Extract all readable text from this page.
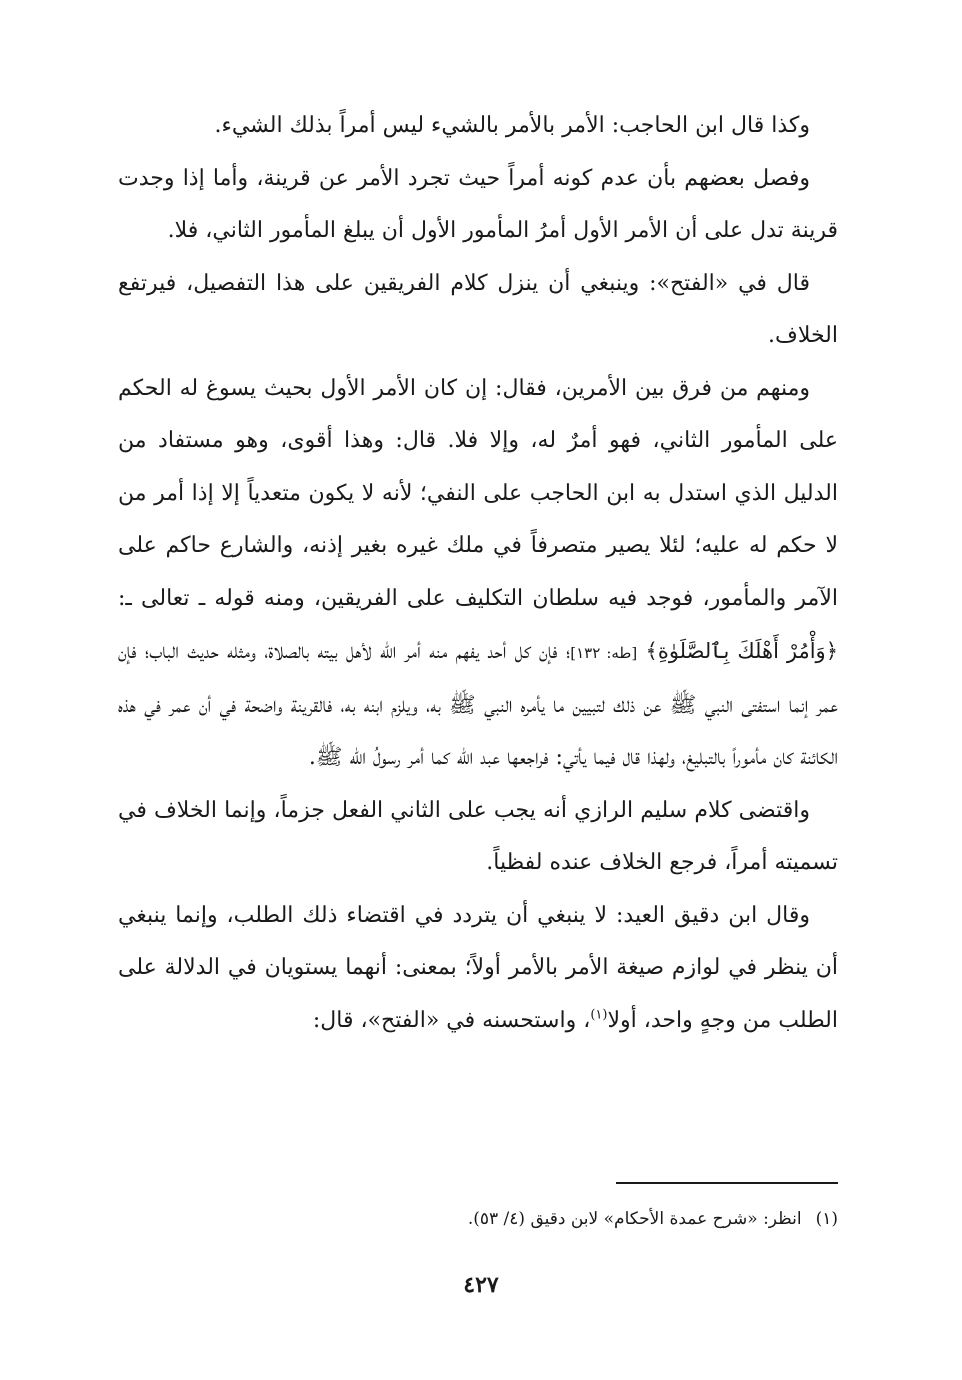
وكذا قال ابن الحاجب: الأمر بالأمر بالشيء ليس أمراً بذلك الشيء.

وفصل بعضهم بأن عدم كونه أمراً حيث تجرد الأمر عن قرينة، وأما إذا وجدت قرينة تدل على أن الأمر الأول أمرُ المأمور الأول أن يبلغ المأمور الثاني، فلا.

قال في «الفتح»: وينبغي أن ينزل كلام الفريقين على هذا التفصيل، فيرتفع الخلاف.

ومنهم من فرق بين الأمرين، فقال: إن كان الأمر الأول بحيث يسوغ له الحكم على المأمور الثاني، فهو أمرٌ له، وإلا فلا. قال: وهذا أقوى، وهو مستفاد من الدليل الذي استدل به ابن الحاجب على النفي؛ لأنه لا يكون متعدياً إلا إذا أمر من لا حكم له عليه؛ لئلا يصير متصرفاً في ملك غيره بغير إذنه، والشارع حاكم على الآمر والمأمور، فوجد فيه سلطان التكليف على الفريقين، ومنه قوله ـ تعالى ـ: ﴿وَأْمُرْ أَهْلَكَ بِٱلصَّلَوٰةِ﴾ [طه: ١٣٢]؛ فإن كل أحد يفهم منه أمر الله لأهل بيته بالصلاة، ومثله حديث الباب؛ فإن عمر إنما استفتى النبي ﷺ عن ذلك لتبيين ما يأمره النبي ﷺ به، ويلزم ابنه به، فالقرينة واضحة في أن عمر في هذه الكائنة كان مأموراً بالتبليغ، ولهذا قال فيما يأتي: فراجعها عبد الله كما أمر رسولُ الله ﷺ.

واقتضى كلام سليم الرازي أنه يجب على الثاني الفعل جزماً، وإنما الخلاف في تسميته أمراً، فرجع الخلاف عنده لفظياً.

وقال ابن دقيق العيد: لا ينبغي أن يتردد في اقتضاء ذلك الطلب، وإنما ينبغي أن ينظر في لوازم صيغة الأمر بالأمر أولاً؛ بمعنى: أنهما يستويان في الدلالة على الطلب من وجهٍ واحد، أولا$^{(١)}$، واستحسنه في «الفتح»، قال:

(١)انظر: «شرح عمدة الأحكام» لابن دقيق (٤/ ٥٣).
٤٢٧
